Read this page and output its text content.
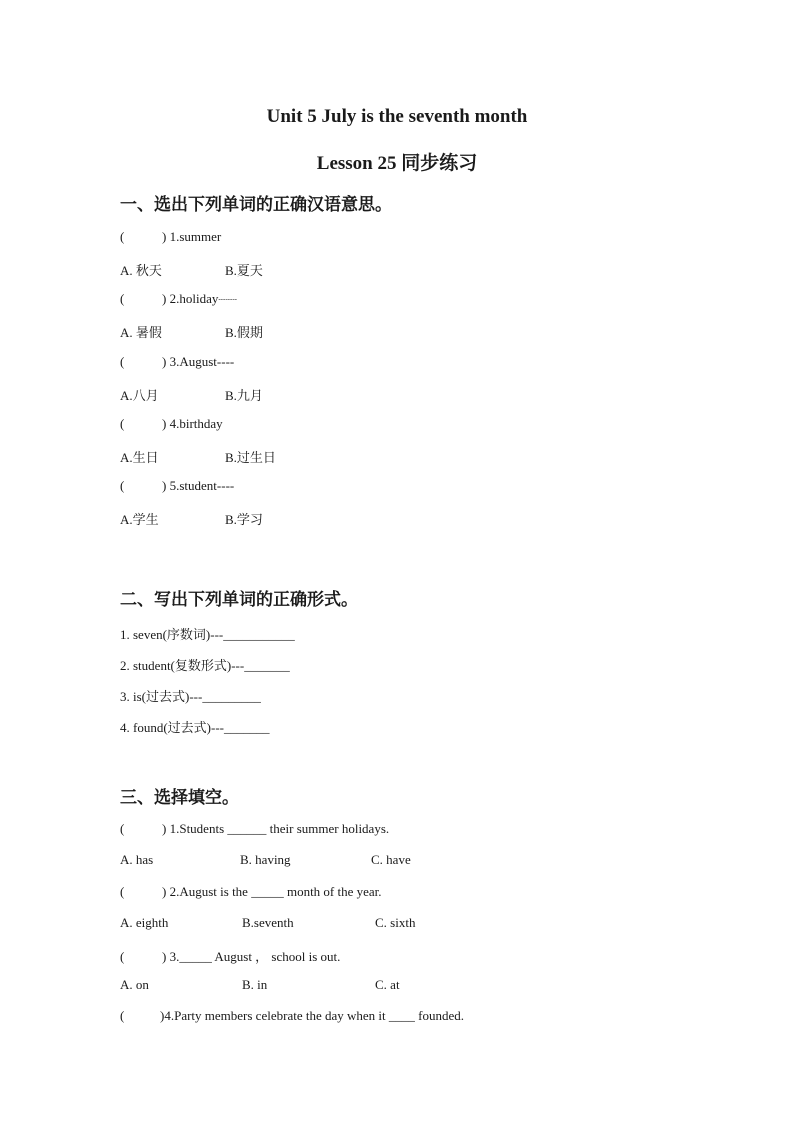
Unit 5 July is the seventh month
Lesson 25 同步练习
一、选出下列单词的正确汉语意思。
(	) 1.summer
A. 秋天	B.夏天
(	) 2.holiday--------
A. 暑假	B.假期
(	) 3.August----
A.八月	B.九月
(	) 4.birthday
A.生日	B.过生日
(	) 5.student----
A.学生	B.学习
二、写出下列单词的正确形式。
1. seven(序数词)---___________
2. student(复数形式)---_______
3. is(过去式)---_________
4. found(过去式)---_______
三、选择填空。
(	) 1.Students ______ their summer holidays.
A. has	B. having	C. have
(	) 2.August is the _____ month of the year.
A. eighth	B.seventh	C. sixth
(	) 3._____ August ， school is out.
A. on	B. in	C. at
(	)4.Party members celebrate the day when it ____ founded.
